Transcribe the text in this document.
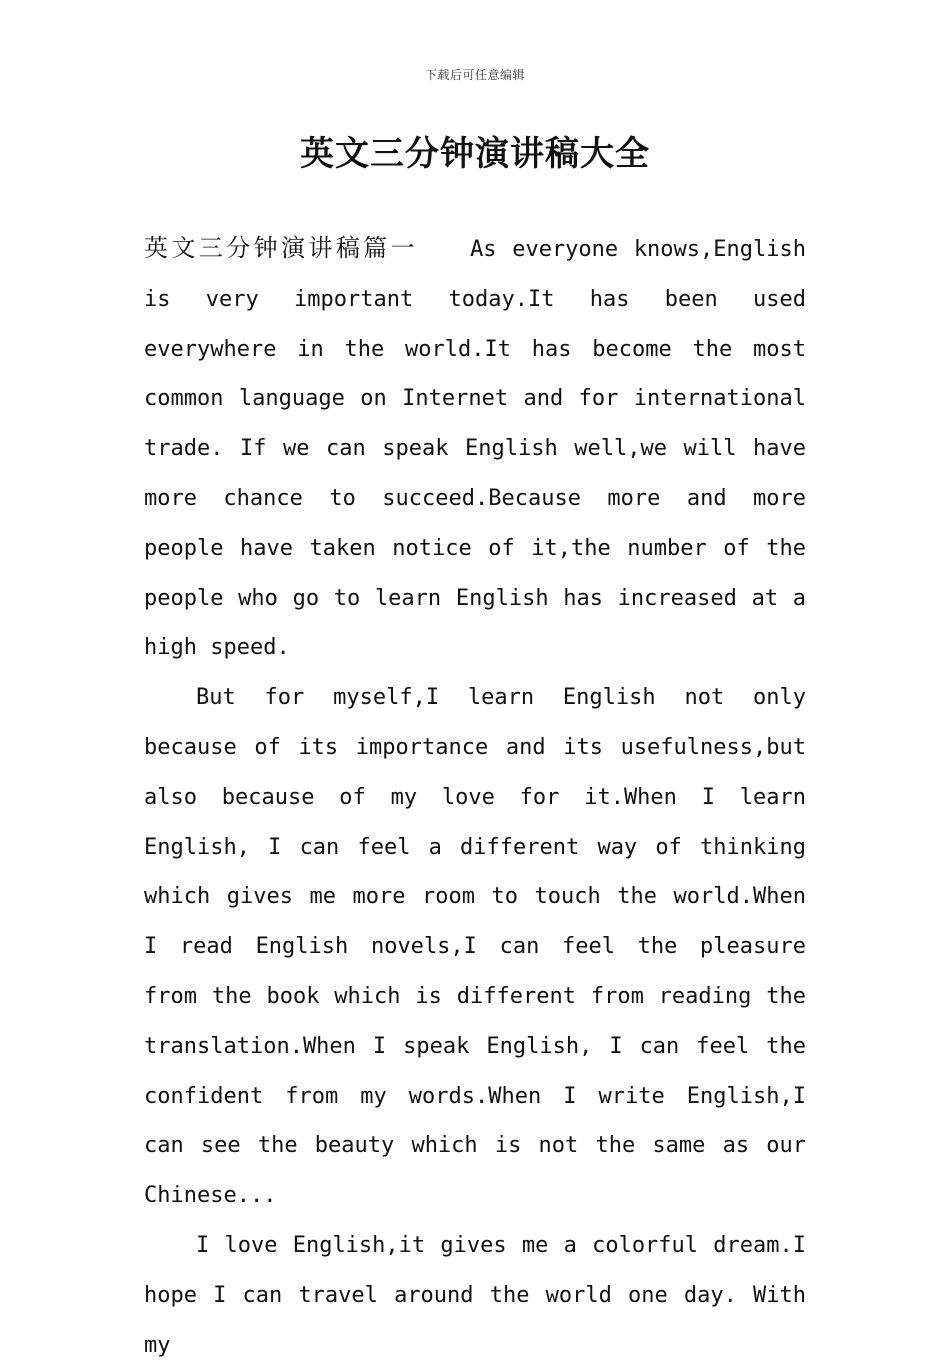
下载后可任意编辑
英文三分钟演讲稿大全

英文三分钟演讲稿篇一 As everyone knows,English is very important today.It has been used everywhere in the world.It has become the most common language on Internet and for international trade. If we can speak English well,we will have more chance to succeed.Because more and more people have taken notice of it,the number of the people who go to learn English has increased at a high speed.

But for myself,I learn English not only because of its importance and its usefulness,but also because of my love for it.When I learn English, I can feel a different way of thinking which gives me more room to touch the world.When I read English novels,I can feel the pleasure from the book which is different from reading the translation.When I speak English, I can feel the confident from my words.When I write English,I can see the beauty which is not the same as our Chinese...

I love English,it gives me a colorful dream.I hope I can travel around the world one day. With my
